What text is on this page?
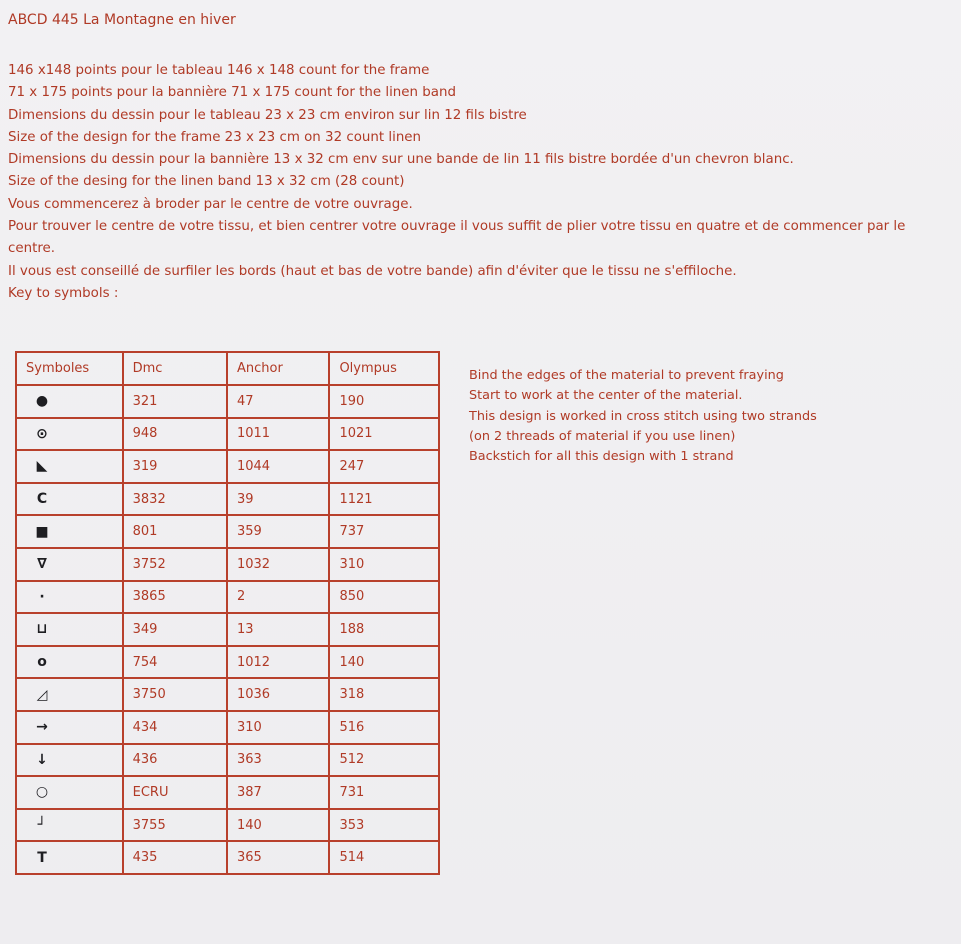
ABCD 445 La Montagne en hiver
146 x148 points pour le tableau 146 x 148 count for the frame
71 x 175 points pour la bannière 71 x 175 count for the linen band
Dimensions du dessin pour le tableau 23 x 23 cm environ sur lin 12 fils bistre
Size of the design for the frame 23 x 23 cm on 32 count linen
Dimensions du dessin pour la bannière 13 x 32 cm env sur une bande de lin 11 fils bistre bordée d'un chevron blanc.
Size of the desing for the linen band 13 x 32 cm (28 count)
Vous commencerez à broder par le centre de votre ouvrage.
Pour trouver le centre de votre tissu, et bien centrer votre ouvrage il vous suffit de plier votre tissu en quatre et de commencer par le centre.
Il vous est conseillé de surfiler les bords (haut et bas de votre bande) afin d'éviter que le tissu ne s'effiloche.
Key to symbols :
Symboles	Dmc	Anchor	Olympus
●	321	47	190
⊙	948	1011	1021
◣	319	1044	247
C	3832	39	1121
■	801	359	737
∇	3752	1032	310
·	3865	2	850
⊔	349	13	188
o	754	1012	140
◿	3750	1036	318
→	434	310	516
↓	436	363	512
○	ECRU	387	731
┘	3755	140	353
T	435	365	514
Bind the edges of the material to prevent fraying
Start to work at the center of the material.
This design is worked in cross stitch using two strands
(on 2 threads of material if you use linen)
Backstich for all this design with 1 strand
